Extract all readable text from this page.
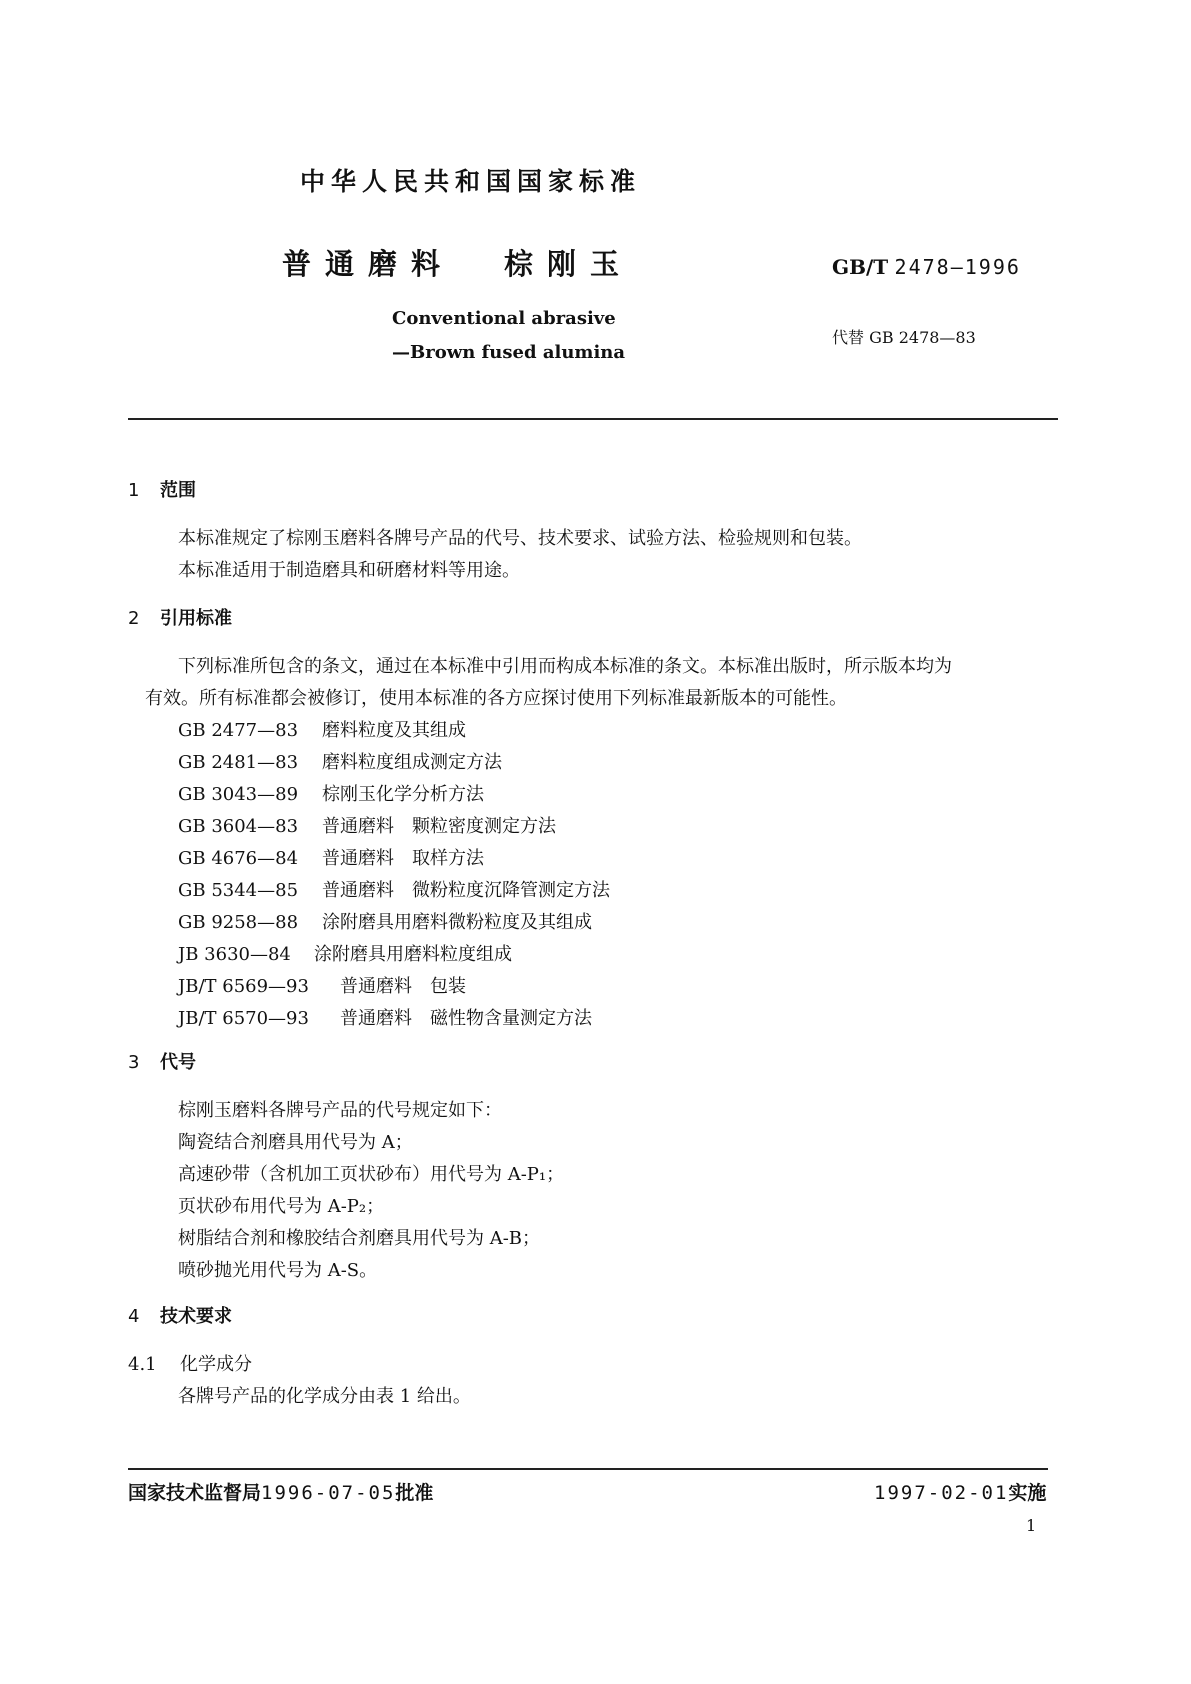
中华人民共和国国家标准
普通磨料 棕刚玉	GB/T 2478—1996
Conventional abrasive
—Brown fused alumina
代替 GB 2478—83
1 范围
本标准规定了棕刚玉磨料各牌号产品的代号、技术要求、试验方法、检验规则和包装。
本标准适用于制造磨具和研磨材料等用途。
2 引用标准
下列标准所包含的条文，通过在本标准中引用而构成本标准的条文。本标准出版时，所示版本均为
有效。所有标准都会被修订，使用本标准的各方应探讨使用下列标准最新版本的可能性。
GB 2477—83 磨料粒度及其组成
GB 2481—83 磨料粒度组成测定方法
GB 3043—89 棕刚玉化学分析方法
GB 3604—83 普通磨料 颗粒密度测定方法
GB 4676—84 普通磨料 取样方法
GB 5344—85 普通磨料 微粉粒度沉降管测定方法
GB 9258—88 涂附磨具用磨料微粉粒度及其组成
JB 3630—84 涂附磨具用磨料粒度组成
JB/T 6569—93 普通磨料 包装
JB/T 6570—93 普通磨料 磁性物含量测定方法
3 代号
棕刚玉磨料各牌号产品的代号规定如下：
陶瓷结合剂磨具用代号为 A；
高速砂带（含机加工页状砂布）用代号为 A-P₁；
页状砂布用代号为 A-P₂；
树脂结合剂和橡胶结合剂磨具用代号为 A-B；
喷砂抛光用代号为 A-S。
4 技术要求
4.1 化学成分
各牌号产品的化学成分由表 1 给出。
国家技术监督局1996-07-05批准	1997-02-01实施
1
